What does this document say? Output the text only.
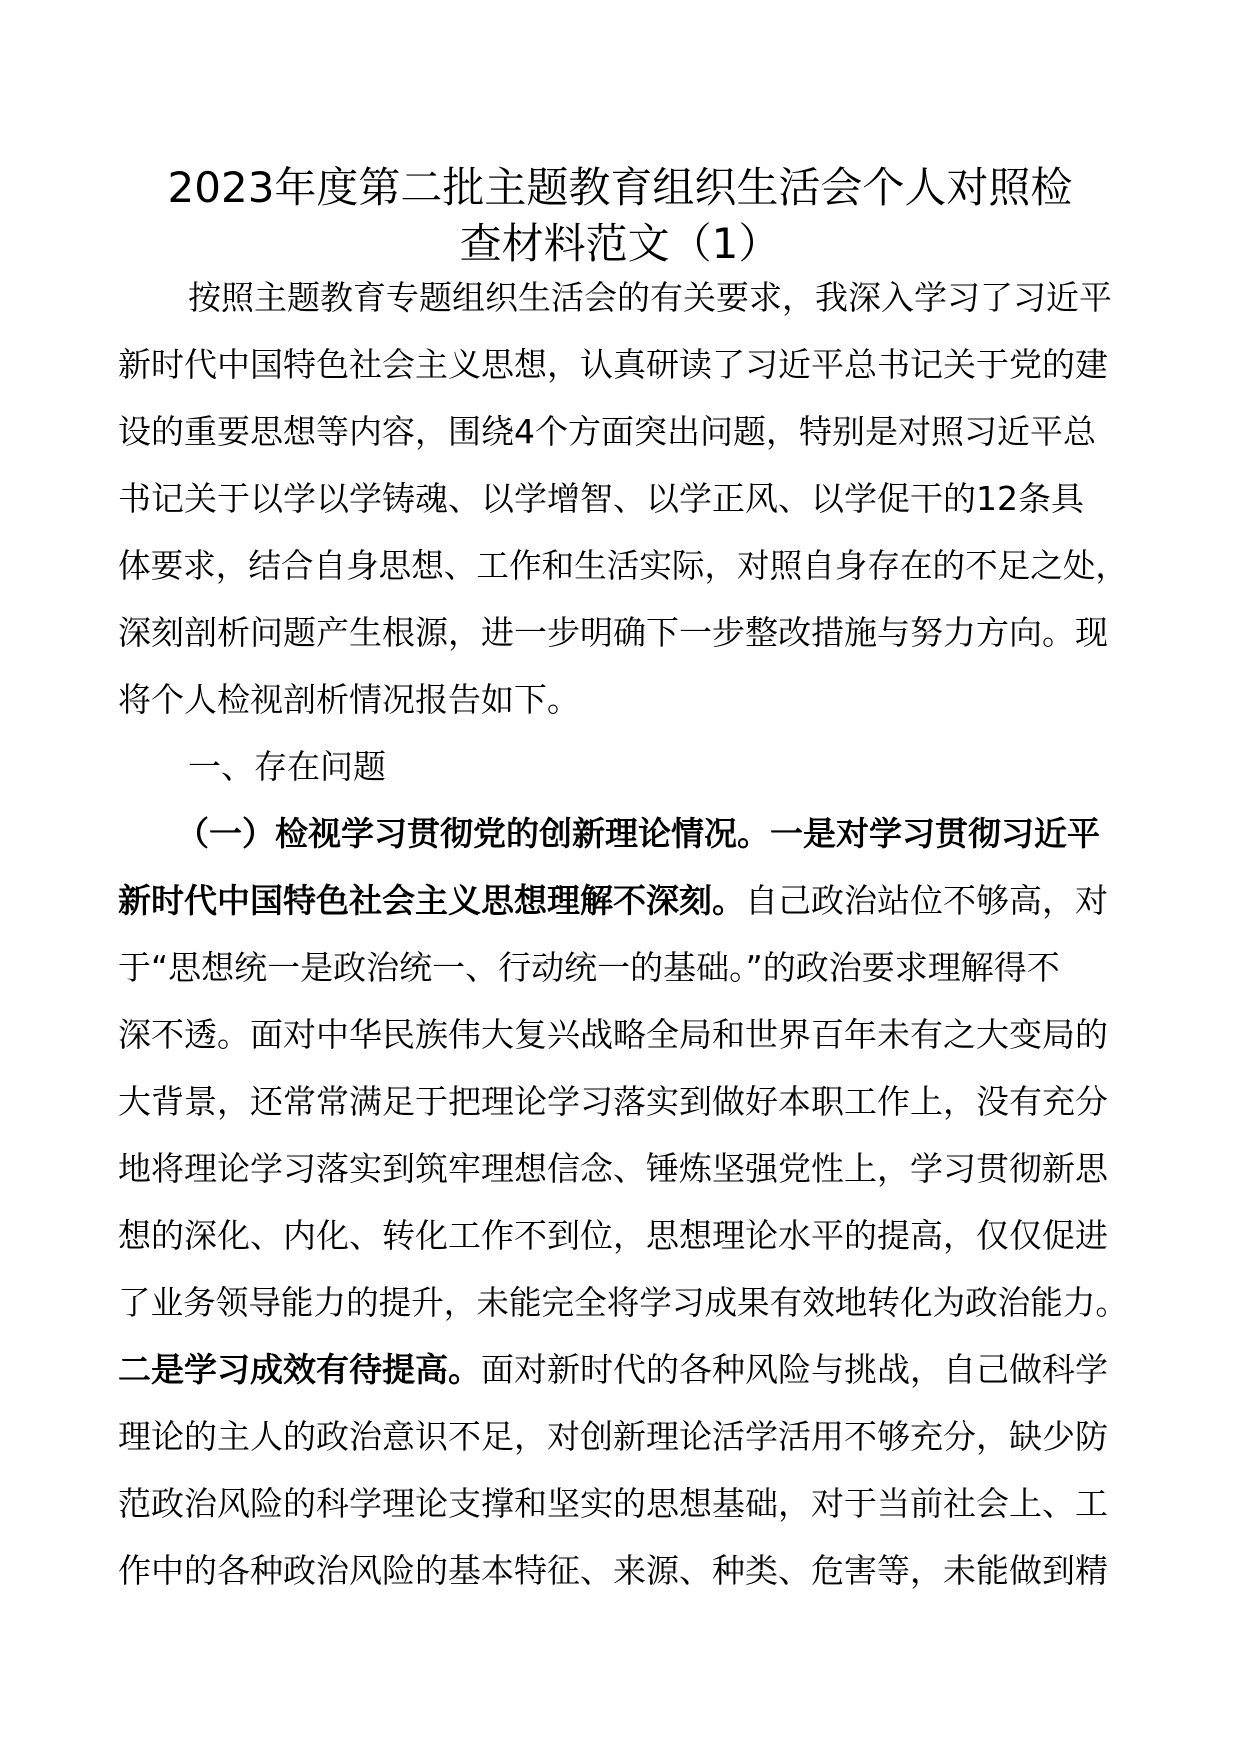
2023年度第二批主题教育组织生活会个人对照检
查材料范文（1）
按照主题教育专题组织生活会的有关要求，我深入学习了习近平
新时代中国特色社会主义思想，认真研读了习近平总书记关于党的建
设的重要思想等内容，围绕4个方面突出问题，特别是对照习近平总
书记关于以学以学铸魂、以学增智、以学正风、以学促干的12条具
体要求，结合自身思想、工作和生活实际，对照自身存在的不足之处，
深刻剖析问题产生根源，进一步明确下一步整改措施与努力方向。现
将个人检视剖析情况报告如下。
一、存在问题
（一）检视学习贯彻党的创新理论情况。一是对学习贯彻习近平
新时代中国特色社会主义思想理解不深刻。自己政治站位不够高，对
于“思想统一是政治统一、行动统一的基础。”的政治要求理解得不
深不透。面对中华民族伟大复兴战略全局和世界百年未有之大变局的
大背景，还常常满足于把理论学习落实到做好本职工作上，没有充分
地将理论学习落实到筑牢理想信念、锤炼坚强党性上，学习贯彻新思
想的深化、内化、转化工作不到位，思想理论水平的提高，仅仅促进
了业务领导能力的提升，未能完全将学习成果有效地转化为政治能力。
二是学习成效有待提高。面对新时代的各种风险与挑战，自己做科学
理论的主人的政治意识不足，对创新理论活学活用不够充分，缺少防
范政治风险的科学理论支撑和坚实的思想基础，对于当前社会上、工
作中的各种政治风险的基本特征、来源、种类、危害等，未能做到精
